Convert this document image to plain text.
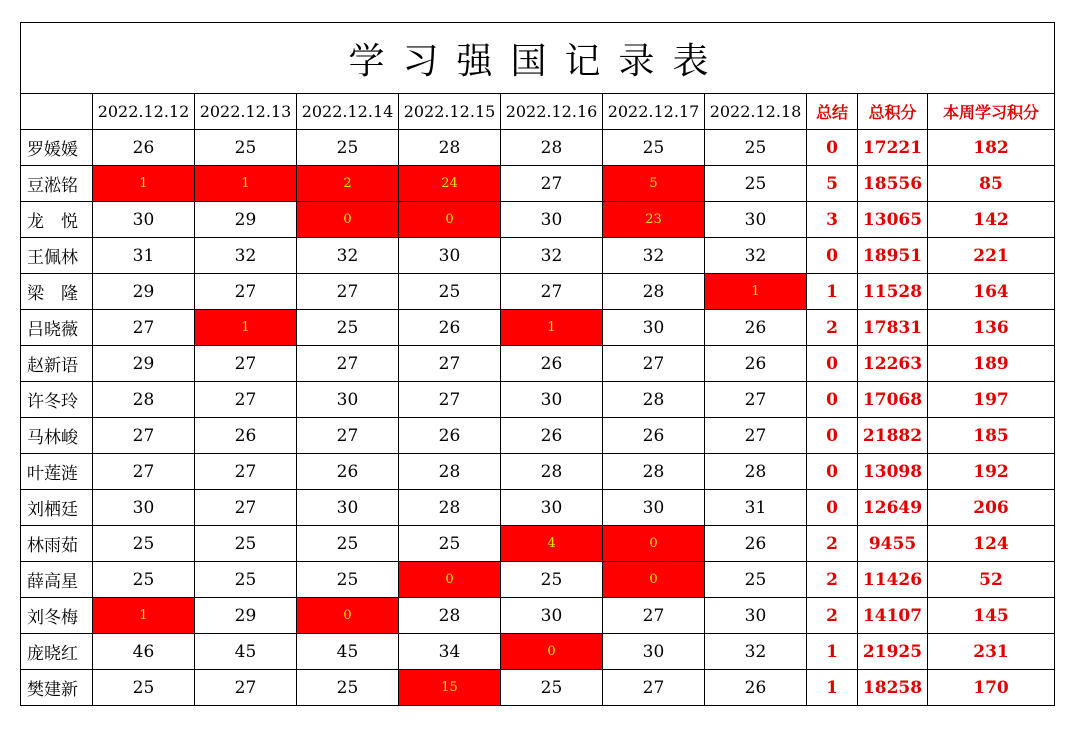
学习强国记录表										
	2022.12.12	2022.12.13	2022.12.14	2022.12.15	2022.12.16	2022.12.17	2022.12.18	总结	总积分	本周学习积分
罗媛媛	26	25	25	28	28	25	25	0	17221	182
豆淞铭	1	1	2	24	27	5	25	5	18556	85
龙　悦	30	29	0	0	30	23	30	3	13065	142
王佩林	31	32	32	30	32	32	32	0	18951	221
梁　隆	29	27	27	25	27	28	1	1	11528	164
吕晓薇	27	1	25	26	1	30	26	2	17831	136
赵新语	29	27	27	27	26	27	26	0	12263	189
许冬玲	28	27	30	27	30	28	27	0	17068	197
马林峻	27	26	27	26	26	26	27	0	21882	185
叶莲涟	27	27	26	28	28	28	28	0	13098	192
刘栖廷	30	27	30	28	30	30	31	0	12649	206
林雨茹	25	25	25	25	4	0	26	2	9455	124
薛高星	25	25	25	0	25	0	25	2	11426	52
刘冬梅	1	29	0	28	30	27	30	2	14107	145
庞晓红	46	45	45	34	0	30	32	1	21925	231
樊建新	25	27	25	15	25	27	26	1	18258	170
